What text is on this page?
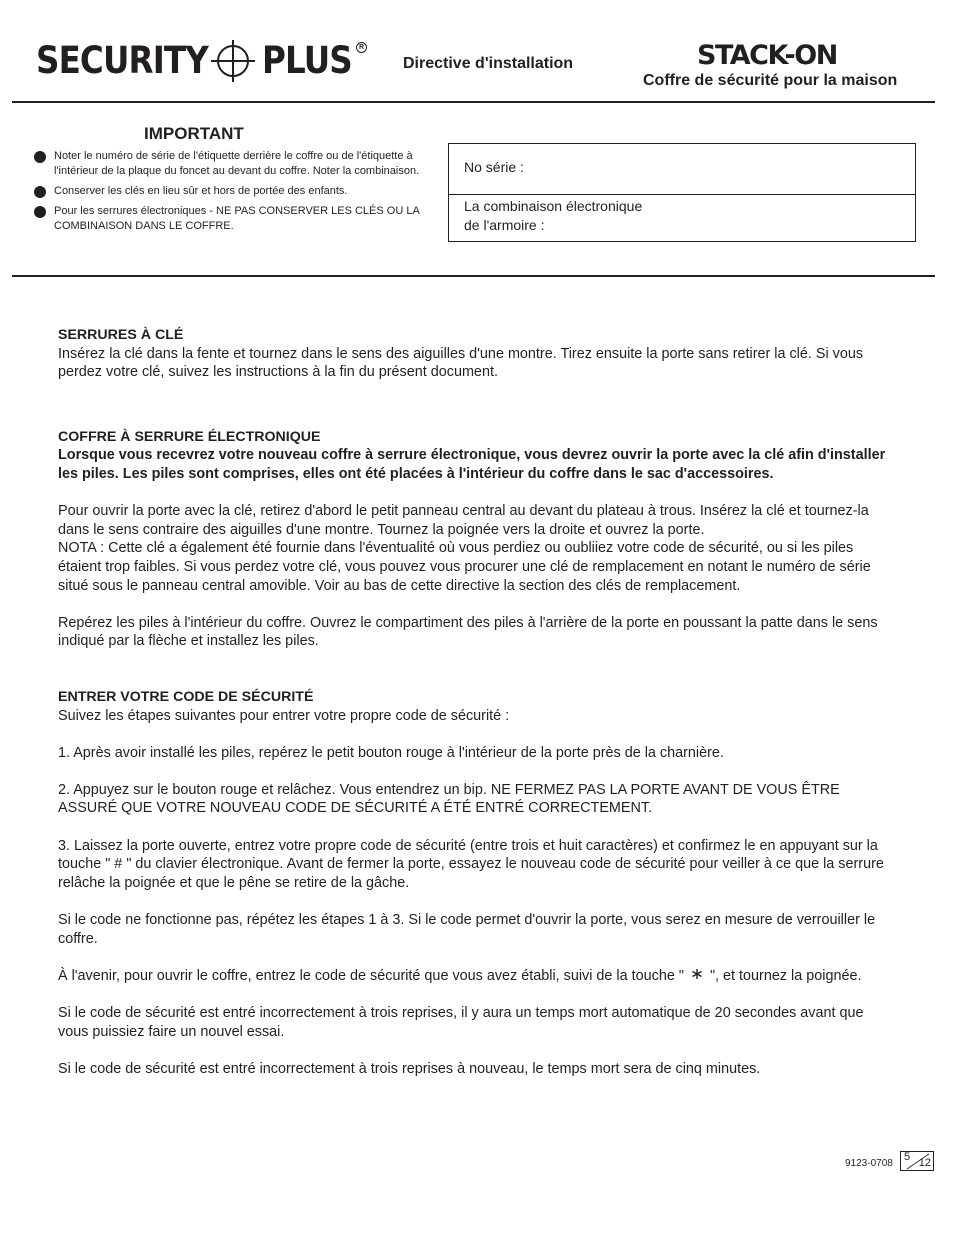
SECURITY PLUS	R
Directive d'installation	STACK-ON
Coffre de sécurité pour la maison
IMPORTANT
Noter le numéro de série de l'étiquette derrière le coffre ou de l'étiquette à l'intérieur de la plaque du foncet au devant du coffre. Noter la combinaison.
Conserver les clés en lieu sûr et hors de portée des enfants.
Pour les serrures électroniques - NE PAS CONSERVER LES CLÉS OU LA COMBINAISON DANS LE COFFRE.
No série :
La combinaison électronique
de l'armoire :

SERRURES À CLÉ

Insérez la clé dans la fente et tournez dans le sens des aiguilles d'une montre. Tirez ensuite la porte sans retirer la clé. Si vous perdez votre clé, suivez les instructions à la fin du présent document.

COFFRE À SERRURE ÉLECTRONIQUE

Lorsque vous recevrez votre nouveau coffre à serrure électronique, vous devrez ouvrir la porte avec la clé afin d'installer les piles. Les piles sont comprises, elles ont été placées à l'intérieur du coffre dans le sac d'accessoires.

Pour ouvrir la porte avec la clé, retirez d'abord le petit panneau central au devant du plateau à trous. Insérez la clé et tournez-la dans le sens contraire des aiguilles d'une montre. Tournez la poignée vers la droite et ouvrez la porte.

NOTA : Cette clé a également été fournie dans l'éventualité où vous perdiez ou oubliiez votre code de sécurité, ou si les piles étaient trop faibles. Si vous perdez votre clé, vous pouvez vous procurer une clé de remplacement en notant le numéro de série situé sous le panneau central amovible. Voir au bas de cette directive la section des clés de remplacement.

Repérez les piles à l'intérieur du coffre. Ouvrez le compartiment des piles à l'arrière de la porte en poussant la patte dans le sens indiqué par la flèche et installez les piles.

ENTRER VOTRE CODE DE SÉCURITÉ

Suivez les étapes suivantes pour entrer votre propre code de sécurité :

1. Après avoir installé les piles, repérez le petit bouton rouge à l'intérieur de la porte près de la charnière.

2. Appuyez sur le bouton rouge et relâchez. Vous entendrez un bip. NE FERMEZ PAS LA PORTE AVANT DE VOUS ÊTRE ASSURÉ QUE VOTRE NOUVEAU CODE DE SÉCURITÉ A ÉTÉ ENTRÉ CORRECTEMENT.

3. Laissez la porte ouverte, entrez votre propre code de sécurité (entre trois et huit caractères) et confirmez le en appuyant sur la touche " # " du clavier électronique. Avant de fermer la porte, essayez le nouveau code de sécurité pour veiller à ce que la serrure relâche la poignée et que le pêne se retire de la gâche.

Si le code ne fonctionne pas, répétez les étapes 1 à 3. Si le code permet d'ouvrir la porte, vous serez en mesure de verrouiller le coffre.

À l'avenir, pour ouvrir le coffre, entrez le code de sécurité que vous avez établi, suivi de la touche " ", et tournez la poignée.

Si le code de sécurité est entré incorrectement à trois reprises, il y aura un temps mort automatique de 20 secondes avant que vous puissiez faire un nouvel essai.

Si le code de sécurité est entré incorrectement à trois reprises à nouveau, le temps mort sera de cinq minutes.

9123-0708
5 12
